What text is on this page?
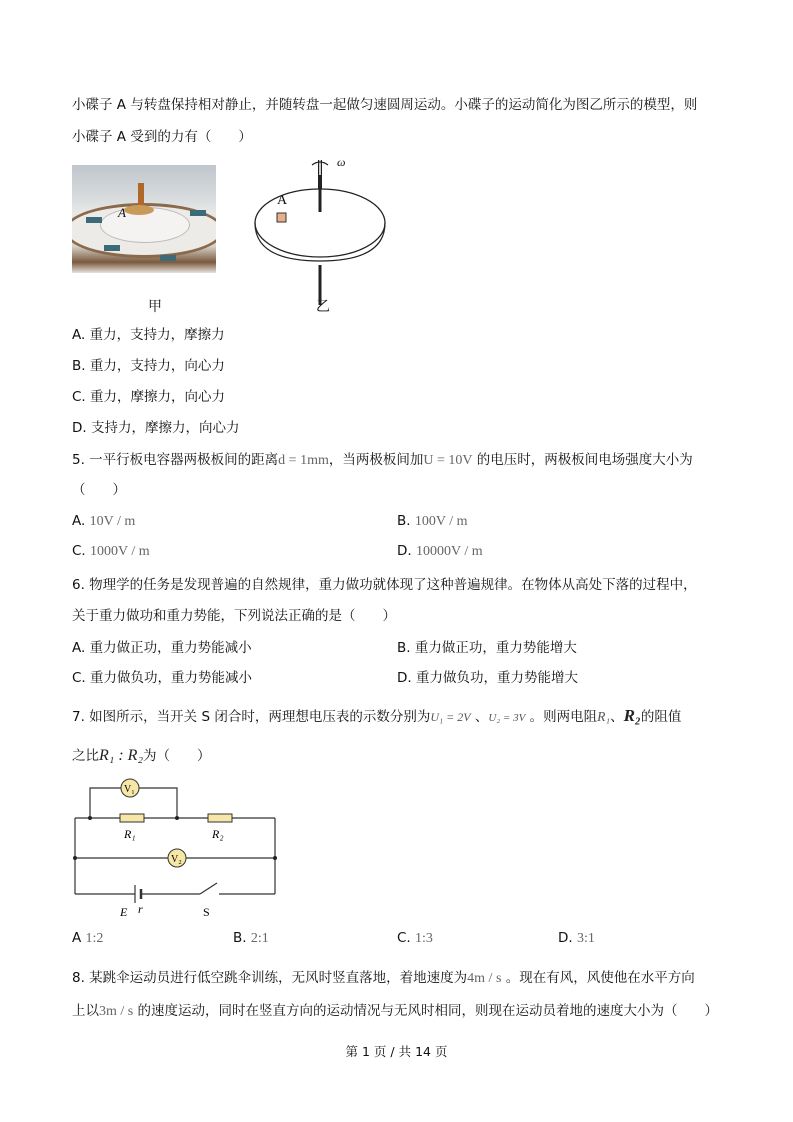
小碟子 A 与转盘保持相对静止，并随转盘一起做匀速圆周运动。小碟子的运动简化为图乙所示的模型，则
小碟子 A 受到的力有（　　）
A
A
ω
甲	乙
A. 重力，支持力，摩擦力
B. 重力，支持力，向心力
C. 重力，摩擦力，向心力
D. 支持力，摩擦力，向心力
5. 一平行板电容器两极板间的距离d = 1mm，当两极板间加U = 10V 的电压时，两极板间电场强度大小为
（　　）
A. 10V / m	B. 100V / m
C. 1000V / m	D. 10000V / m
6. 物理学的任务是发现普遍的自然规律，重力做功就体现了这种普遍规律。在物体从高处下落的过程中，
关于重力做功和重力势能，下列说法正确的是（　　）
A. 重力做正功，重力势能减小	B. 重力做正功，重力势能增大
C. 重力做负功，重力势能减小	D. 重力做负功，重力势能增大
7. 如图所示，当开关 S 闭合时，两理想电压表的示数分别为U₁ = 2V 、U₂ = 3V 。则两电阻R₁、R₂的阻值
之比R₁ : R₂为（　　）
V₁
V₂
R₁	R₂
E r	S
A 1:2	B. 2:1	C. 1:3	D. 3:1
8. 某跳伞运动员进行低空跳伞训练，无风时竖直落地，着地速度为4m / s 。现在有风，风使他在水平方向
上以3m / s 的速度运动，同时在竖直方向的运动情况与无风时相同，则现在运动员着地的速度大小为（　　）
第 1 页 / 共 14 页
